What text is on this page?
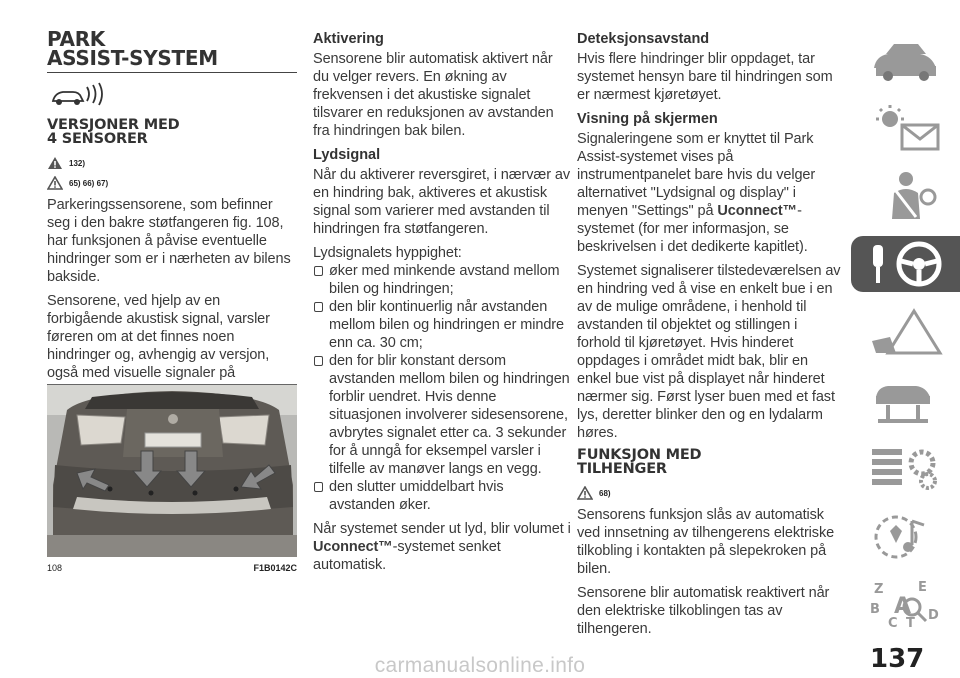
PARK
ASSIST-SYSTEM
VERSJONER MED
4 SENSORER
132)
65) 66) 67)

Parkeringssensorene, som befinner seg i den bakre støtfangeren fig. 108, har funksjonen å påvise eventuelle hindringer som er i nærheten av bilens bakside.

Sensorene, ved hjelp av en forbigående akustisk signal, varsler føreren om at det finnes noen hindringer og, avhengig av versjon, også med visuelle signaler på

108	F1B0142C
Aktivering

Sensorene blir automatisk aktivert når du velger revers. En økning av frekvensen i det akustiske signalet tilsvarer en reduksjonen av avstanden fra hindringen bak bilen.

Lydsignal

Når du aktiverer reversgiret, i nærvær av en hindring bak, aktiveres et akustisk signal som varierer med avstanden til hindringen fra støtfangeren.

Lydsignalets hyppighet:

øker med minkende avstand mellom bilen og hindringen;

den blir kontinuerlig når avstanden mellom bilen og hindringen er mindre enn ca. 30 cm;

den for blir konstant dersom avstanden mellom bilen og hindringen forblir uendret. Hvis denne situasjonen involverer sidesensorene, avbrytes signalet etter ca. 3 sekunder for å unngå for eksempel varsler i tilfelle av manøver langs en vegg.

den slutter umiddelbart hvis avstanden øker.

Når systemet sender ut lyd, blir volumet i Uconnect™-systemet senket automatisk.

Deteksjonsavstand

Hvis flere hindringer blir oppdaget, tar systemet hensyn bare til hindringen som er nærmest kjøretøyet.

Visning på skjermen

Signaleringene som er knyttet til Park Assist-systemet vises på instrumentpanelet bare hvis du velger alternativet "Lydsignal og display" i menyen "Settings" på Uconnect™-systemet (for mer informasjon, se beskrivelsen i det dedikerte kapitlet).

Systemet signaliserer tilstedeværelsen av en hindring ved å vise en enkelt bue i en av de mulige områdene, i henhold til avstanden til objektet og stillingen i forhold til kjøretøyet. Hvis hinderet oppdages i området midt bak, blir en enkel bue vist på displayet når hinderet nærmer sig. Først lyser buen med et fast lys, deretter blinker den og en lydalarm høres.

FUNKSJON MED
TILHENGER
68)

Sensorens funksjon slås av automatisk ved innsetning av tilhengerens elektriske tilkobling i kontakten på slepekroken på bilen.

Sensorene blir automatisk reaktivert når den elektriske tilkoblingen tas av tilhengeren.

Z	E
B
C T
D
A
137
carmanualsonline.info
